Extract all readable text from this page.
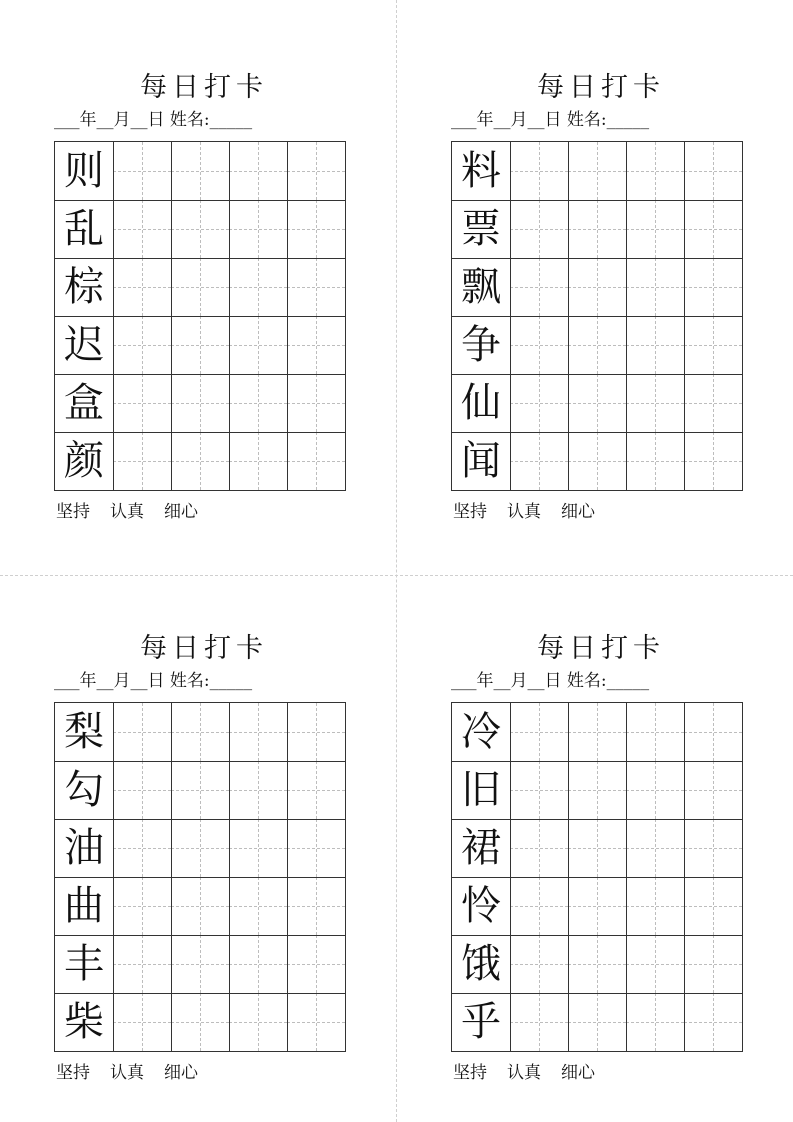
每日打卡
___年__月__日 姓名:_____
则
乱
棕
迟
盒
颜
坚持 认真 细心
每日打卡
___年__月__日 姓名:_____
料
票
飘
争
仙
闻
坚持 认真 细心
每日打卡
___年__月__日 姓名:_____
梨
勾
油
曲
丰
柴
坚持 认真 细心
每日打卡
___年__月__日 姓名:_____
冷
旧
裙
怜
饿
乎
坚持 认真 细心
